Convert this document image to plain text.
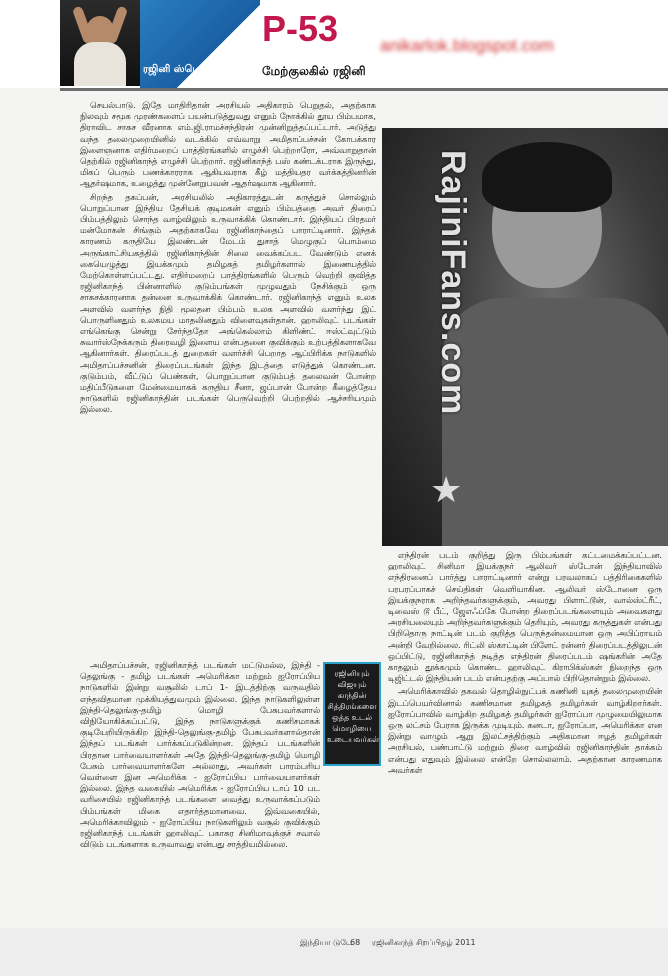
ரஜினி ஸ்பெஷல்	மேற்குலகில் ரஜினி
P-53 anikarlok.blogspot.com

செயல்பாடு. இதே மாதிரிதான் அரசியல் அதிகாரம் பெறுதல், அதற்காக நிலவும் சமூக முரண்களைப் பயன்படுத்துவது எனும் நோக்கில் தூய பிம்பமாக, திராவிட சாகச வீரனாக எம்.ஜி.ராமச்சந்திரன் முன்னிறுத்தப்பட்டார். அடுத்து வந்த தலைமுறையினில் வடக்கில் எவ்வாறு அமிதாப்பச்சன் கோபக்கார இளைஞனாக எதிர்மறைப் பாத்திரங்களில் எழுச்சி பெற்றாரோ, அவ்வாறுதான் தெற்கில் ரஜினிகாந்த் எழுச்சி பெற்றார். ரஜினிகாந்த் பஸ் கண்டக்டராக இருந்து, மிகப் பெரும் பணக்காரராக ஆகியவராக கீழ் மத்தியதர வர்க்கத்தினரின் ஆதர்ஷமாக, உழைத்து முன்னேறுபவன் ஆதர்ஷமாக ஆகினார்.

சிறந்த தகப்பன், அரசியலில் அதிகாரத்துடன் கருத்துச் சொல்லும் பொறுப்பான இந்திய தேசியக் குடிமகன் எனும் பிம்பத்தை அவர் திரைப் பிம்பத்திலும் சொந்த வாழ்விலும் உருவாக்கிக் கொண்டார். இந்தியப் பிரதமர் மன்மோகன் சிங்கும் அதற்காகவே ரஜினிகாந்தைப் பாராட்டினார். இந்தக் காரணம் கருதியே இலண்டன் மேடம் துசாத் மெழுகுப் பொம்மை அருங்காட்சியகத்தில் ரஜினிகாந்தின் சிலை வைக்கப்பட வேண்டும் எனக் கையெழுத்து இயக்கமும் தமிழகத் தமிழர்களால் இணையத்தில் மேற்கொள்ளப்பட்டது. எதிர்மறைப் பாத்திரங்களில் பெரும் வெற்றி குவித்த ரஜினிகாந்த் பின்னாளில் குடும்பங்கள் முழுவதும் நேசிக்கும் ஒரு சாகசக்காரனாக தன்னை உருவாக்கிக் கொண்டார். ரஜினிகாந்த் எனும் உலக அளவில் வளர்ந்த நிதி மூலதன பிம்பம் உலக அளவில் வளர்ந்து இட் பொருளினதும் உலகமய மாதலினதும் விளைவுகள்தான். ஹாலிவுட் படங்கள் எங்கெங்கு சென்று சேர்ந்ததோ அங்கெல்லாம் கிளிண்ட் ஈஸ்ட்வுட்டும் சுவார்ஸ்நேக்கரும் திரைவழி இளைய என்பதனை குவிக்கும் உற்பத்திகளாகவே ஆகினார்கள். திரைப்படத் துறைகள் வளர்ச்சி பெறாத ஆப்பிரிக்க நாடுகளில் அமிதாப்பச்சனின் திரைப்படங்கள் இந்த இடத்தை எடுத்துக் கொண்டன. குடும்பம், வீட்டுப் பெண்கள், பொறுப்பான குடும்பத் தலைவன் போன்ற மதிப்பீடுகளை மேன்மையாகக் கருதிய சீனா, ஜப்பான் போன்ற கீழைத்தேய நாடுகளில் ரஜினிகாந்தின் படங்கள் பெருவெற்றி பெற்றதில் ஆச்சரியமும் இல்லை.	RajiniFans.com
★

அமிதாப்பச்சன், ரஜினிகாந்த் படங்கள் மட்டுமல்ல, இந்தி - தெலுங்கு - தமிழ் படங்கள் அமெரிக்கா மற்றும் ஐரோப்பிய நாடுகளில் இன்று வசூலில் டாப் 1- இடத்திற்கு வருவதில் எந்தவிதமான முக்கியத்துவமும் இல்லை. இந்த நாடுகளிலுள்ள இந்தி-தெலுங்கு-தமிழ் மொழி பேசுபவர்களால் விநியோகிக்கப்பட்டு, இந்த நாடுகளுக்குக் கணிசமாகக் குடியேறியிருக்கிற இந்தி-தெலுங்கு-தமிழ் பேசுபவர்களால்தான் இந்தப் படங்கள் பார்க்கப்படுகின்றன. இந்தப் படங்களின் பிரதான பார்வையாளர்கள் அதே இந்தி-தெலுங்கு-தமிழ் மொழி பேசும் பார்வையாளர்களே அல்லாது, அவர்கள் பாரம்பரிய வெள்ளை இன அமெரிக்க - ஐரோப்பிய பார்வையாளர்கள் இல்லை. இந்த வகையில் அமெரிக்க - ஐரோப்பிய டாப் 10 பட வரிசையில் ரஜினிகாந்த் படங்களை வைத்து உருவாக்கப்படும் பிம்பங்கள் மிகை எதார்த்தமானவை. இவ்வகையில், அமெரிக்காவிலும் - ஐரோப்பிய நாடுகளிலும் வசூல் குவிக்கும் ரஜினிகாந்த் படங்கள் ஹாலிவுட் பகாசுர சினிமாவுக்குச் சவால் விடும் படங்களாக உருவாவது என்பது சாத்தியமில்லை.

ரஜினியும் விஜயும் காந்தின் சித்திரங்களை ஒத்த உடல் மொழியை உடையவர்கள்

எந்திரன் படம் குறித்து இரு பிம்பங்கள் கட்டமைக்கப்பட்டன. ஹாலிவுட் சினிமா இயக்குநர் ஆலிவர் ஸ்டோன் இந்தியாவில் எந்திரனைப் பார்த்து பாராட்டினார் என்று பரவலாகப் பத்திரிகைகளில் பரபரப்பாகச் செய்திகள் வெளியாகின. ஆலிவர் ஸ்டோனை ஒரு இயக்குநராக அறிந்தவர்களுக்கும், அவரது பிளாட்டூன், வால்ஸ்ட்ரீட், டிவைஸ் டூ பீட், ஜேஎஃப்கே போன்ற திரைப்படங்களையும் அவைகளது அரசியலையும் அறிந்தவர்களுக்கும் தெரியும், அவரது கருத்துகள் என்பது பிறிதொரு நாட்டின் படம் குறித்த பெருந்தன்மையான ஒரு அபிப்ராயம் அன்றி வேறில்லை. ரிட்லி ஸ்காட்டின் பிளேட் ரன்னர் திரைப்படத்திலுடன் ஒப்பிட்டு, ரஜினிகாந்த் நடித்த எந்திரன் திரைப்படம் ஷங்கரின் அதே காதலும் தூக்கமும் கொண்ட ஹாலிவுட் கிராபிக்ஸ்கள் நிறைந்த ஒரு டிஜிட்டல் இந்தியன் படம் என்பதற்கு அப்பால் பிறிதொன்றும் இல்லை.

அமெரிக்காவில் தகவல் தொழில்நுட்பக் கணினி யுகத் தலைமுறையின் இடப்பெயர்வினால் கணிசமான தமிழகத் தமிழர்கள் வாழ்கிறார்கள். ஐரோப்பாவில் வாழ்கிற தமிழகத் தமிழர்கள் ஐரோப்பா முழுமையிலுமாக ஒரு லட்சம் பேராக இருக்க முடியும். கனடா, ஐரோப்பா, அமெரிக்கா என இன்று வாழும் ஆறு இலட்சத்திற்கும் அதிகமான ஈழத் தமிழர்கள் அரசியல், பண்பாட்டு மற்றும் திரை வாழ்வில் ரஜினிகாந்தின் தாக்கம் என்பது எதுவும் இல்லை என்றே சொல்லலாம். அதற்கான காரணமாக அவர்கள்

இந்தியா டுடே
68 ரஜினிகாந்த் சிறப்பிதழ் 2011
